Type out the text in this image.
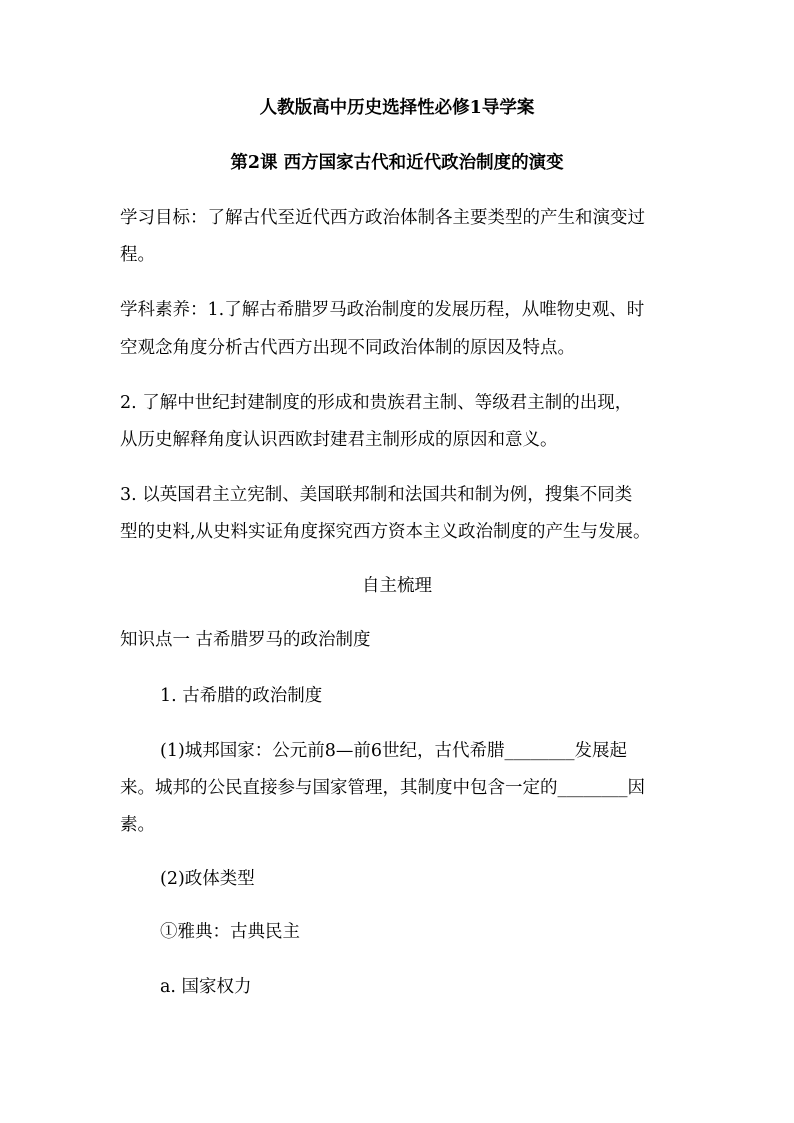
人教版高中历史选择性必修1导学案
第2课 西方国家古代和近代政治制度的演变
学习目标：了解古代至近代西方政治体制各主要类型的产生和演变过
程。
学科素养：1.了解古希腊罗马政治制度的发展历程，从唯物史观、时
空观念角度分析古代西方出现不同政治体制的原因及特点。
2. 了解中世纪封建制度的形成和贵族君主制、等级君主制的出现，
从历史解释角度认识西欧封建君主制形成的原因和意义。
3. 以英国君主立宪制、美国联邦制和法国共和制为例，搜集不同类
型的史料,从史料实证角度探究西方资本主义政治制度的产生与发展。
自主梳理
知识点一 古希腊罗马的政治制度
1. 古希腊的政治制度
(1)城邦国家：公元前8—前6世纪，古代希腊________发展起
来。城邦的公民直接参与国家管理，其制度中包含一定的________因
素。
(2)政体类型
①雅典：古典民主
a. 国家权力
